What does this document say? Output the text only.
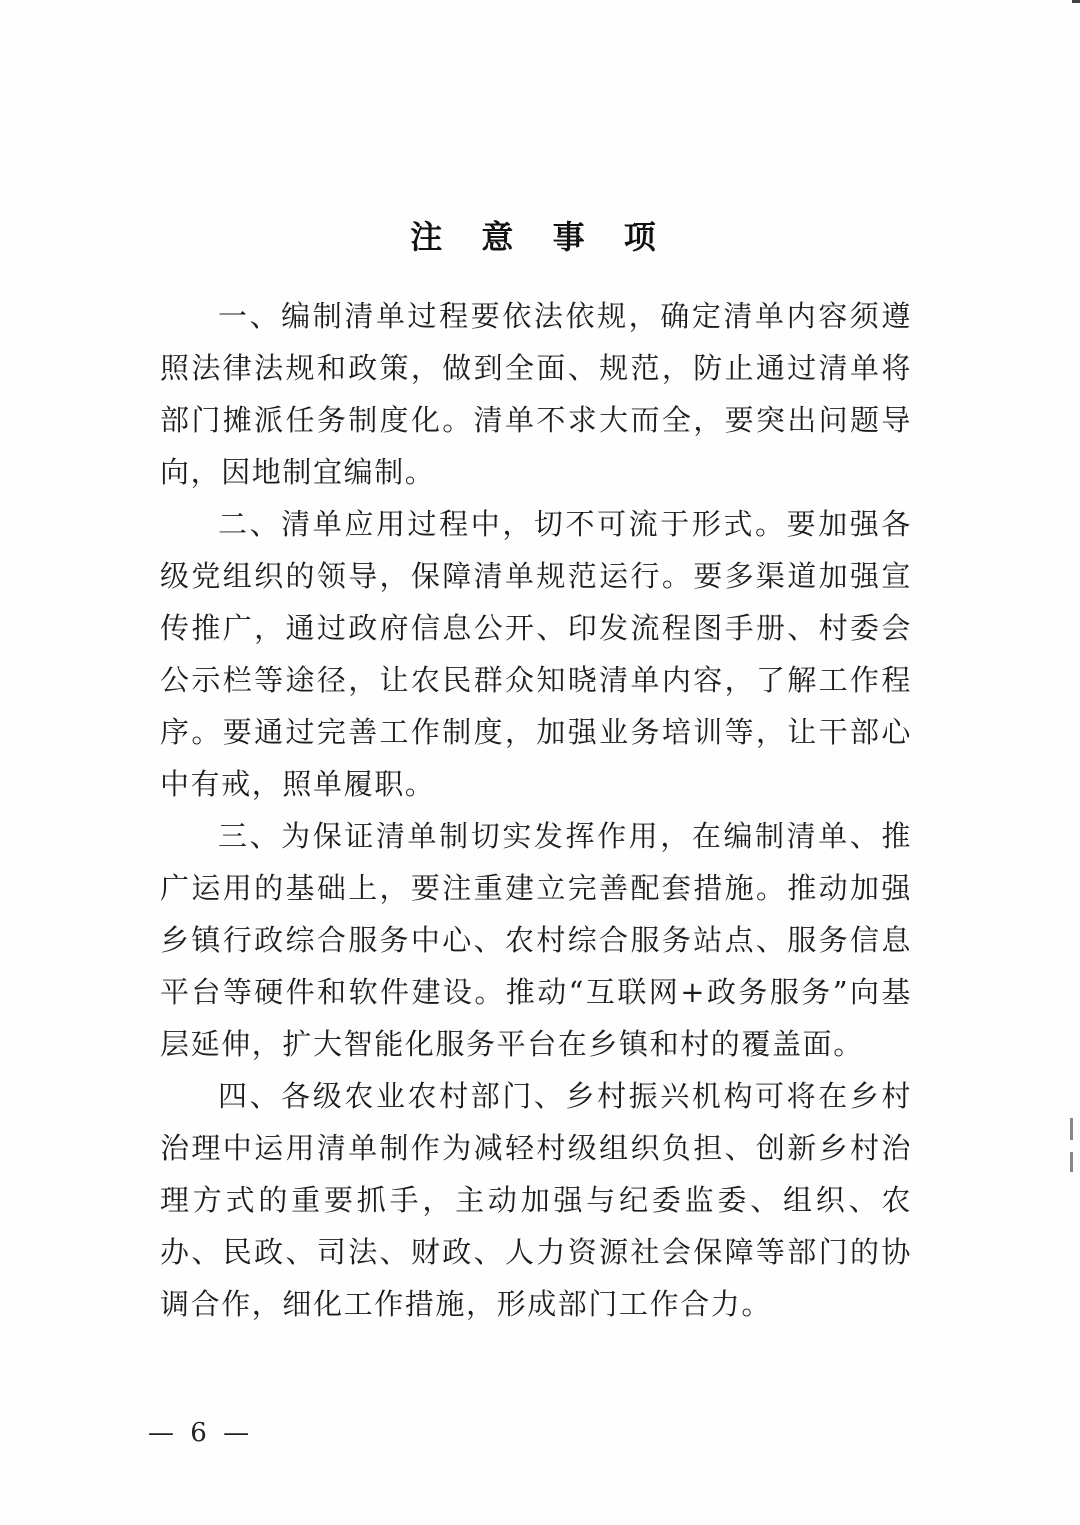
注 意 事 项

一、编制清单过程要依法依规，确定清单内容须遵照法律法规和政策，做到全面、规范，防止通过清单将部门摊派任务制度化。清单不求大而全，要突出问题导向，因地制宜编制。

二、清单应用过程中，切不可流于形式。要加强各级党组织的领导，保障清单规范运行。要多渠道加强宣传推广，通过政府信息公开、印发流程图手册、村委会公示栏等途径，让农民群众知晓清单内容，了解工作程序。要通过完善工作制度，加强业务培训等，让干部心中有戒，照单履职。

三、为保证清单制切实发挥作用，在编制清单、推广运用的基础上，要注重建立完善配套措施。推动加强乡镇行政综合服务中心、农村综合服务站点、服务信息平台等硬件和软件建设。推动“互联网+政务服务”向基层延伸，扩大智能化服务平台在乡镇和村的覆盖面。

四、各级农业农村部门、乡村振兴机构可将在乡村治理中运用清单制作为减轻村级组织负担、创新乡村治理方式的重要抓手，主动加强与纪委监委、组织、农办、民政、司法、财政、人力资源社会保障等部门的协调合作，细化工作措施，形成部门工作合力。

— 6 —
